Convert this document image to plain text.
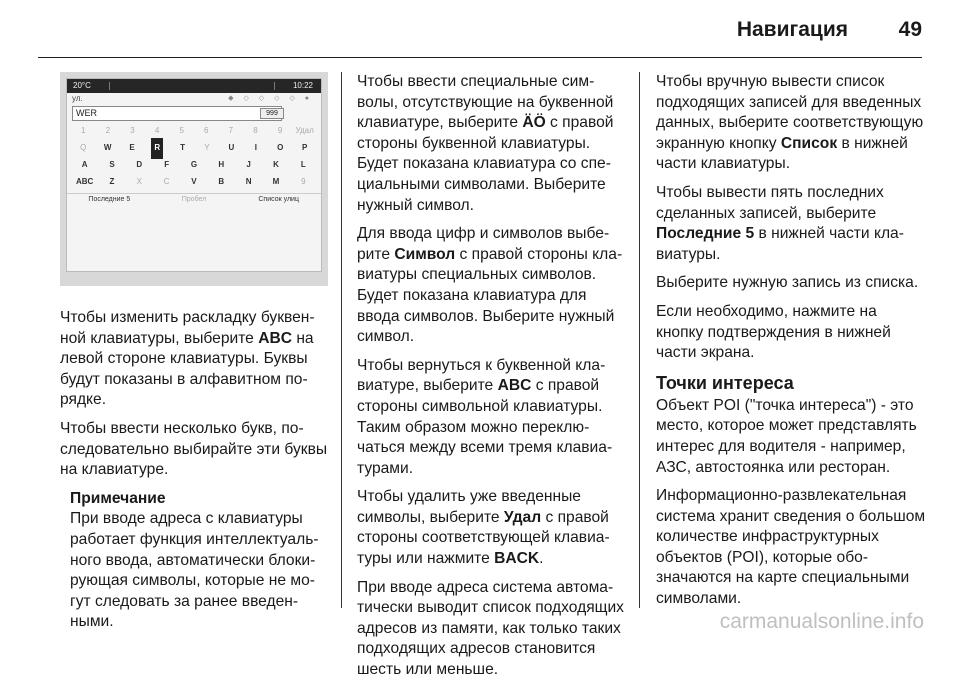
Навигация 49
20°C	10:22
ул.	◆ ◇ ◇ ◇ ◇ ●
WER	999
1	2	3	4	5	6	7	8	9	Удал
Q	W	E	R	T	Y	U	I	O	P
A	S	D	F	G	H	J	K	L
ABC	Z	X	C	V	B	N	M	9
Последние 5	Пробел	Список улиц

Чтобы изменить раскладку буквенной клавиатуры, выберите ABC на левой стороне клавиатуры. Буквы будут показаны в алфавитном порядке.

Чтобы ввести несколько букв, последовательно выбирайте эти буквы на клавиатуре.

Примечание
При вводе адреса с клавиатуры работает функция интеллектуального ввода, автоматически блокирующая символы, которые не могут следовать за ранее введенными.

Чтобы ввести специальные символы, отсутствующие на буквенной клавиатуре, выберите ÄÖ с правой стороны буквенной клавиатуры. Будет показана клавиатура со специальными символами. Выберите нужный символ.

Для ввода цифр и символов выберите Символ с правой стороны клавиатуры специальных символов. Будет показана клавиатура для ввода символов. Выберите нужный символ.

Чтобы вернуться к буквенной клавиатуре, выберите ABC с правой стороны символьной клавиатуры. Таким образом можно переключаться между всеми тремя клавиатурами.

Чтобы удалить уже введенные символы, выберите Удал с правой стороны соответствующей клавиатуры или нажмите BACK.

При вводе адреса система автоматически выводит список подходящих адресов из памяти, как только таких подходящих адресов становится шесть или меньше.

Чтобы вручную вывести список подходящих записей для введенных данных, выберите соответствующую экранную кнопку Список в нижней части клавиатуры.

Чтобы вывести пять последних сделанных записей, выберите Последние 5 в нижней части клавиатуры.

Выберите нужную запись из списка.

Если необходимо, нажмите на кнопку подтверждения в нижней части экрана.

Точки интереса

Объект POI ("точка интереса") - это место, которое может представлять интерес для водителя - например, АЗС, автостоянка или ресторан.

Информационно-развлекательная система хранит сведения о большом количестве инфраструктурных объектов (POI), которые обозначаются на карте специальными символами.

carmanualsonline.info
